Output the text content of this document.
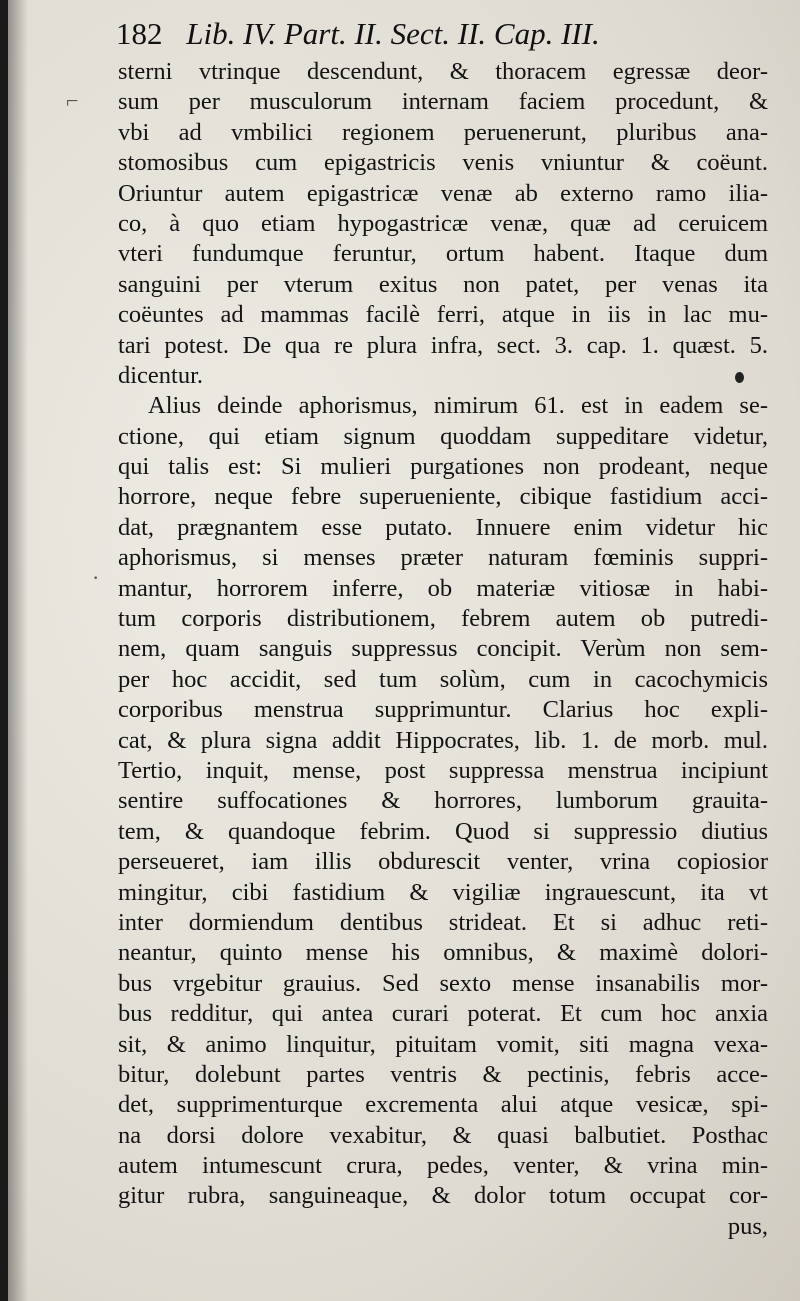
182 Lib. IV. Part. II. Sect. II. Cap. III.
sterni vtrinque descendunt, & thoracem egressæ deor-
sum per musculorum internam faciem procedunt, &
vbi ad vmbilici regionem peruenerunt, pluribus ana-
stomosibus cum epigastricis venis vniuntur & coëunt.
Oriuntur autem epigastricæ venæ ab externo ramo ilia-
co, à quo etiam hypogastricæ venæ, quæ ad ceruicem
vteri fundumque feruntur, ortum habent. Itaque dum
sanguini per vterum exitus non patet, per venas ita
coëuntes ad mammas facilè ferri, atque in iis in lac mu-
tari potest. De qua re plura infra, sect. 3. cap. 1. quæst. 5.
dicentur.
Alius deinde aphorismus, nimirum 61. est in eadem se-
ctione, qui etiam signum quoddam suppeditare videtur,
qui talis est: Si mulieri purgationes non prodeant, neque
horrore, neque febre superueniente, cibique fastidium acci-
dat, prægnantem esse putato. Innuere enim videtur hic
aphorismus, si menses præter naturam fœminis suppri-
mantur, horrorem inferre, ob materiæ vitiosæ in habi-
tum corporis distributionem, febrem autem ob putredi-
nem, quam sanguis suppressus concipit. Verùm non sem-
per hoc accidit, sed tum solùm, cum in cacochymicis
corporibus menstrua supprimuntur. Clarius hoc expli-
cat, & plura signa addit Hippocrates, lib. 1. de morb. mul.
Tertio, inquit, mense, post suppressa menstrua incipiunt
sentire suffocationes & horrores, lumborum grauita-
tem, & quandoque febrim. Quod si suppressio diutius
perseueret, iam illis obdurescit venter, vrina copiosior
mingitur, cibi fastidium & vigiliæ ingrauescunt, ita vt
inter dormiendum dentibus strideat. Et si adhuc reti-
neantur, quinto mense his omnibus, & maximè dolori-
bus vrgebitur grauius. Sed sexto mense insanabilis mor-
bus redditur, qui antea curari poterat. Et cum hoc anxia
sit, & animo linquitur, pituitam vomit, siti magna vexa-
bitur, dolebunt partes ventris & pectinis, febris acce-
det, supprimenturque excrementa alui atque vesicæ, spi-
na dorsi dolore vexabitur, & quasi balbutiet. Posthac
autem intumescunt crura, pedes, venter, & vrina min-
gitur rubra, sanguineaque, & dolor totum occupat cor-
pus,
⌐
·
